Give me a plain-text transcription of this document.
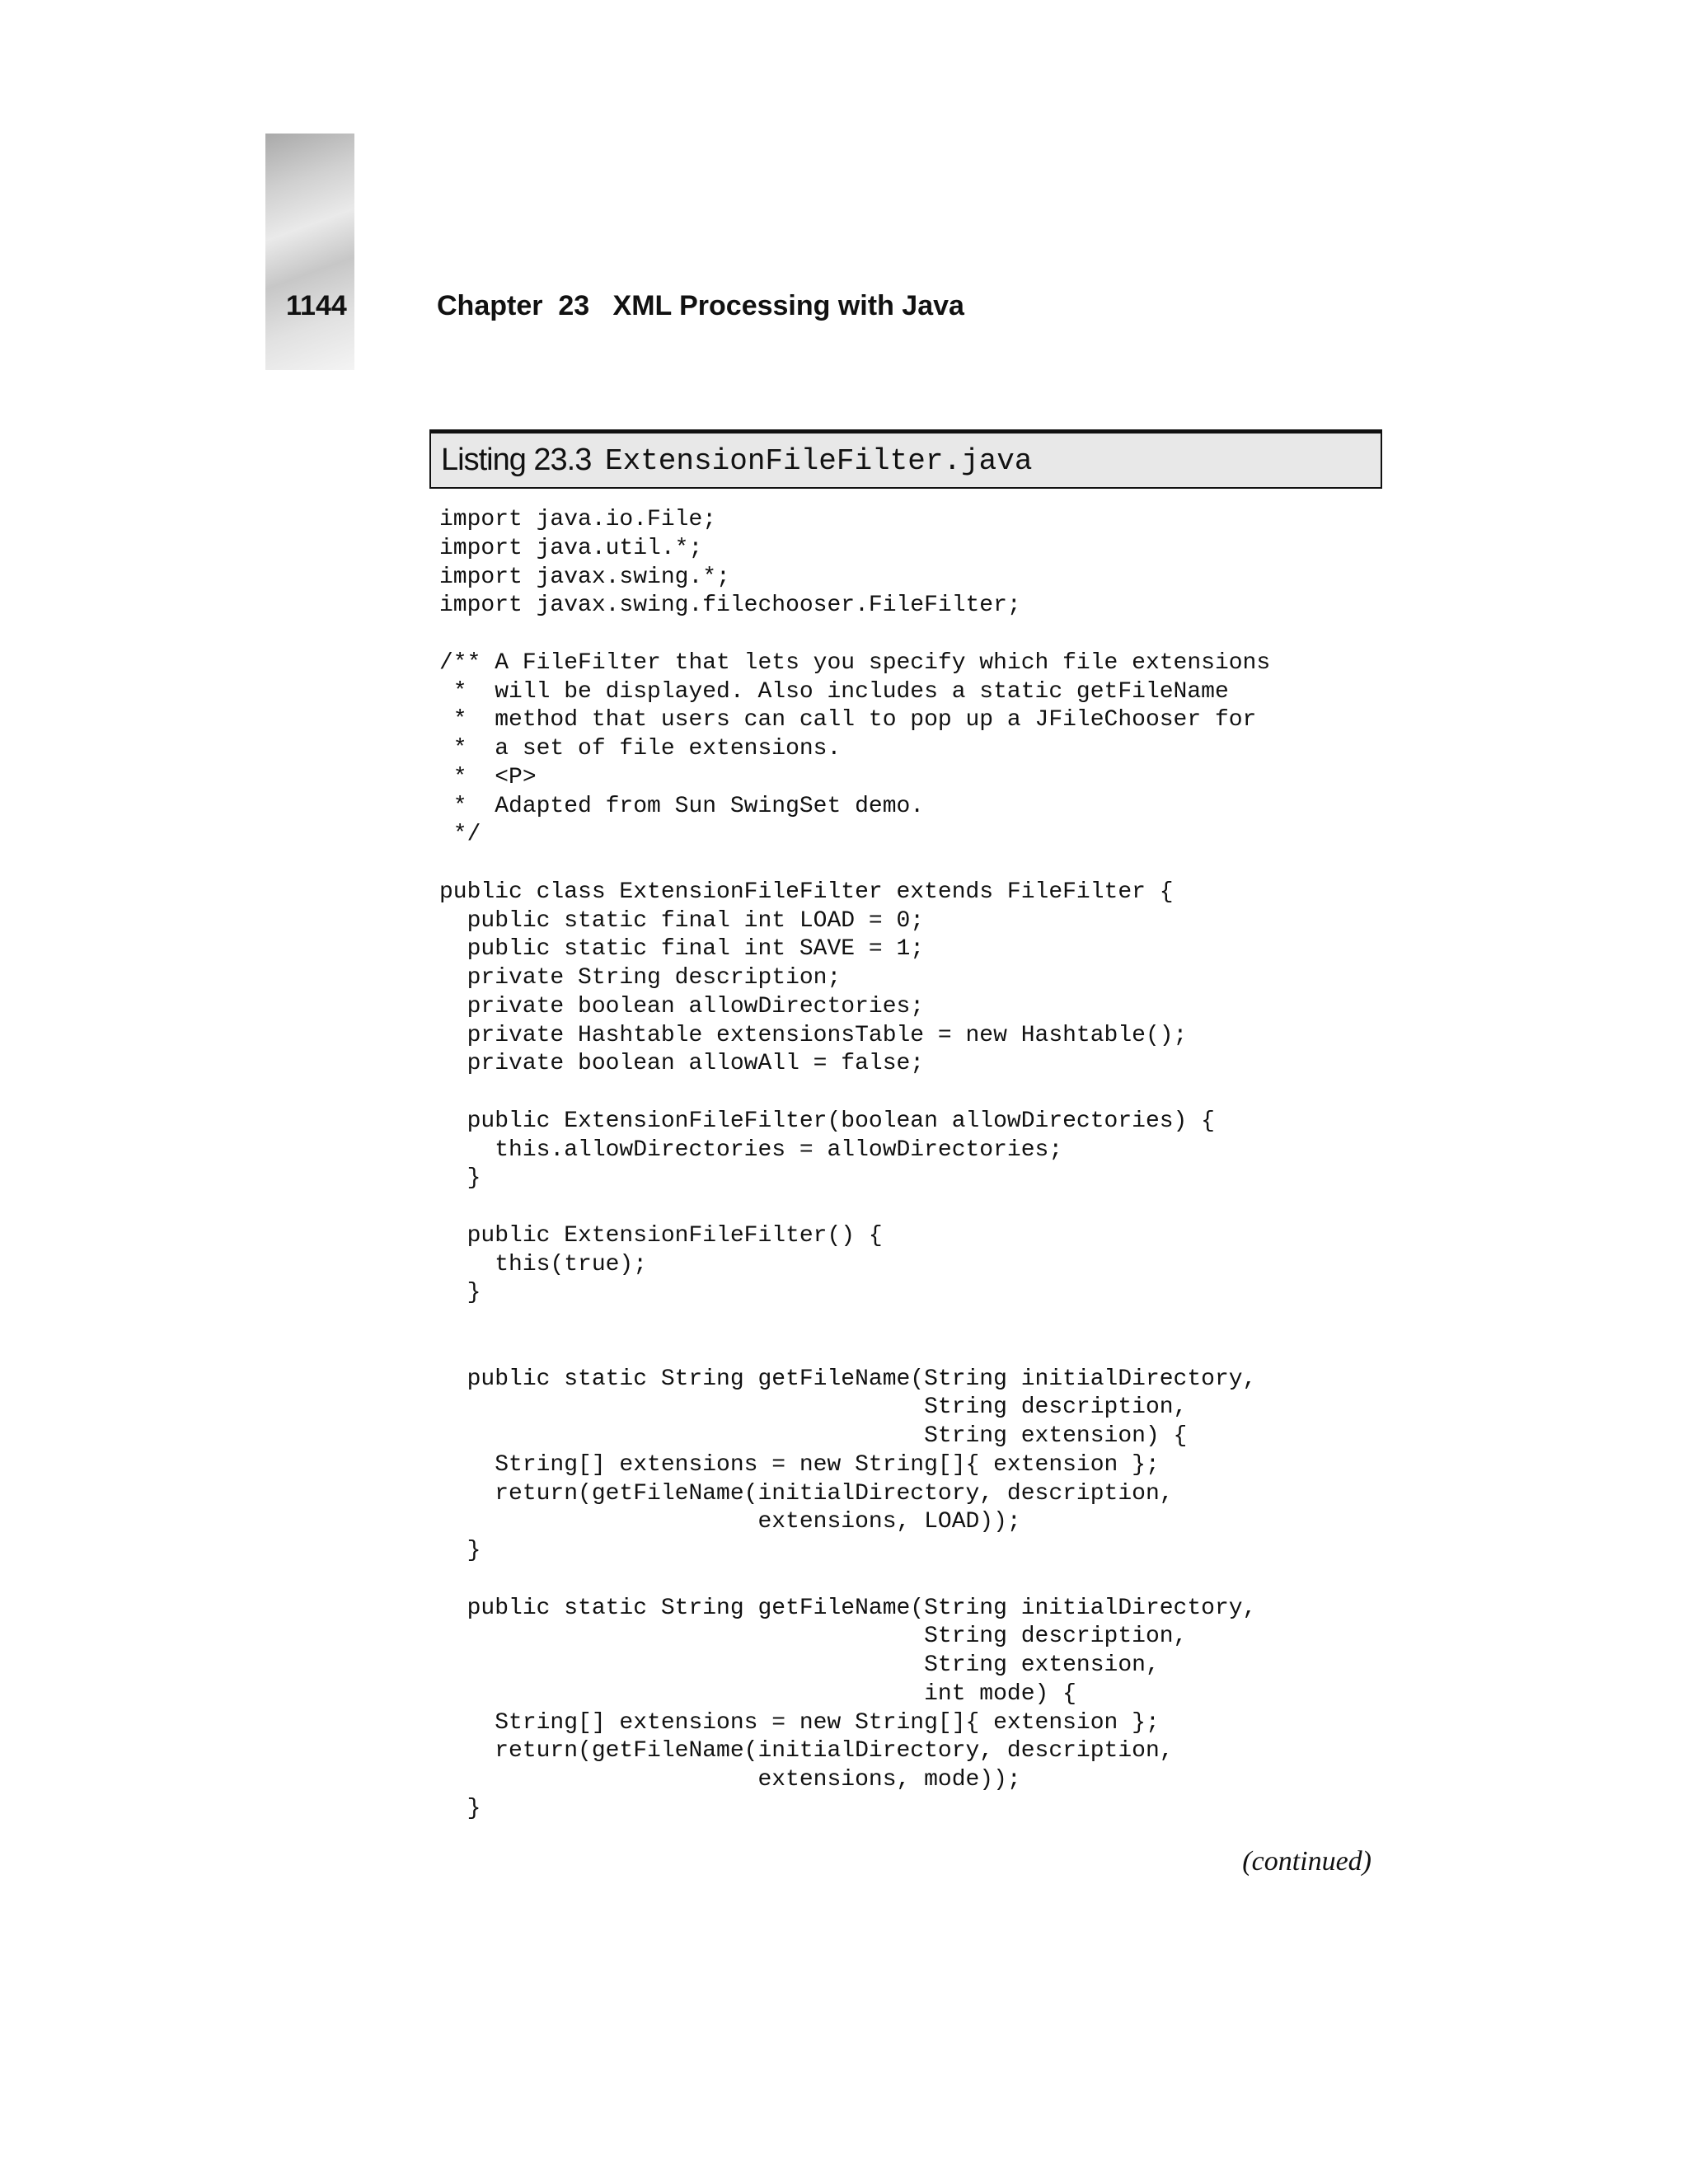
1144	Chapter  23   XML Processing with Java
Listing 23.3 ExtensionFileFilter.java
import java.io.File;
import java.util.*;
import javax.swing.*;
import javax.swing.filechooser.FileFilter;
/** A FileFilter that lets you specify which file extensions
*  will be displayed. Also includes a static getFileName
*  method that users can call to pop up a JFileChooser for
*  a set of file extensions.
*  <P>
*  Adapted from Sun SwingSet demo.
*/
public class ExtensionFileFilter extends FileFilter {
public static final int LOAD = 0;
public static final int SAVE = 1;
private String description;
private boolean allowDirectories;
private Hashtable extensionsTable = new Hashtable();
private boolean allowAll = false;
public ExtensionFileFilter(boolean allowDirectories) {
this.allowDirectories = allowDirectories;
}
public ExtensionFileFilter() {
this(true);
}
public static String getFileName(String initialDirectory,
String description,
String extension) {
String[] extensions = new String[]{ extension };
return(getFileName(initialDirectory, description,
extensions, LOAD));
}
public static String getFileName(String initialDirectory,
String description,
String extension,
int mode) {
String[] extensions = new String[]{ extension };
return(getFileName(initialDirectory, description,
extensions, mode));
}
(continued)
